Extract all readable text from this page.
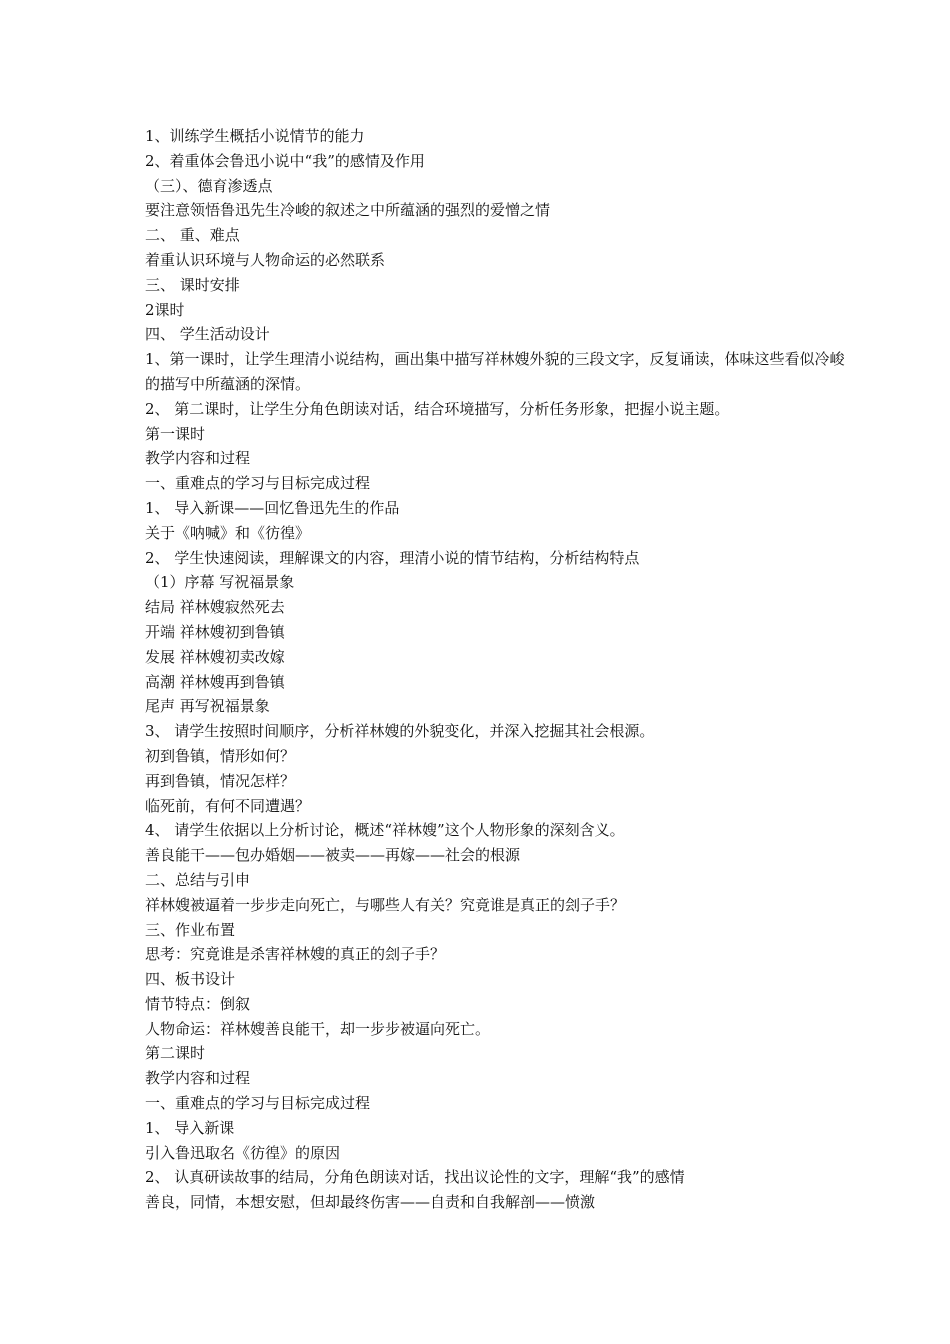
1、训练学生概括小说情节的能力
2、着重体会鲁迅小说中“我”的感情及作用
（三）、德育渗透点
要注意领悟鲁迅先生冷峻的叙述之中所蕴涵的强烈的爱憎之情
二、 重、难点
着重认识环境与人物命运的必然联系
三、 课时安排
2课时
四、 学生活动设计
1、第一课时，让学生理清小说结构，画出集中描写祥林嫂外貌的三段文字，反复诵读，体味这些看似冷峻的描写中所蕴涵的深情。
2、 第二课时，让学生分角色朗读对话，结合环境描写，分析任务形象，把握小说主题。
第一课时
教学内容和过程
一、重难点的学习与目标完成过程
1、 导入新课——回忆鲁迅先生的作品
关于《呐喊》和《彷徨》
2、 学生快速阅读，理解课文的内容，理清小说的情节结构，分析结构特点
（1）序幕 写祝福景象
结局 祥林嫂寂然死去
开端 祥林嫂初到鲁镇
发展 祥林嫂初卖改嫁
高潮 祥林嫂再到鲁镇
尾声 再写祝福景象
3、 请学生按照时间顺序，分析祥林嫂的外貌变化，并深入挖掘其社会根源。
初到鲁镇，情形如何？
再到鲁镇，情况怎样？
临死前，有何不同遭遇？
4、 请学生依据以上分析讨论，概述“祥林嫂”这个人物形象的深刻含义。
善良能干——包办婚姻——被卖——再嫁——社会的根源
二、总结与引申
祥林嫂被逼着一步步走向死亡，与哪些人有关？究竟谁是真正的刽子手？
三、作业布置
思考：究竟谁是杀害祥林嫂的真正的刽子手？
四、板书设计
情节特点：倒叙
人物命运：祥林嫂善良能干，却一步步被逼向死亡。
第二课时
教学内容和过程
一、重难点的学习与目标完成过程
1、 导入新课
引入鲁迅取名《彷徨》的原因
2、 认真研读故事的结局，分角色朗读对话，找出议论性的文字，理解“我”的感情
善良，同情，本想安慰，但却最终伤害——自责和自我解剖——愤激
